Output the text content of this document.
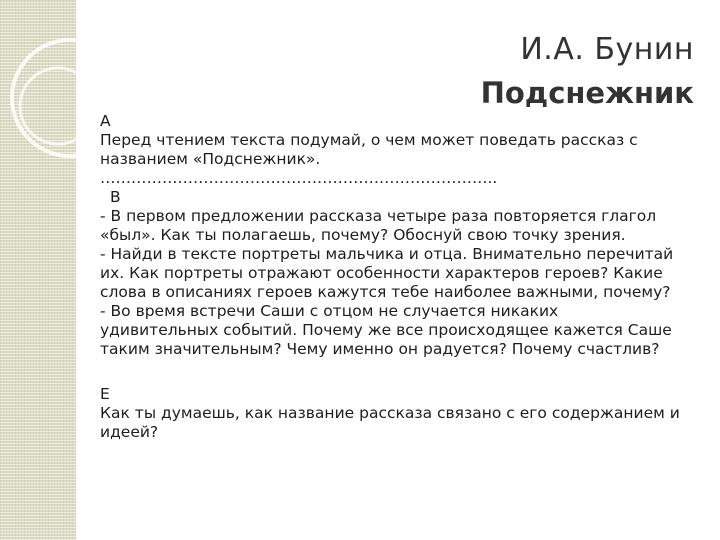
И.А. Бунин
Подснежник
А
Перед чтением текста подумай, о чем может поведать рассказ с
названием «Подснежник».
…………………………………………………………………..
В
- В первом предложении рассказа четыре раза повторяется глагол
«был». Как ты полагаешь, почему? Обоснуй свою точку зрения.
- Найди в тексте портреты мальчика и отца. Внимательно перечитай
их. Как портреты отражают особенности характеров героев? Какие
слова в описаниях героев кажутся тебе наиболее важными, почему?
- Во время встречи Саши с отцом не случается никаких
удивительных событий. Почему же все происходящее кажется Саше
таким значительным? Чему именно он радуется? Почему счастлив?
Е
Как ты думаешь, как название рассказа связано с его содержанием и
идеей?
